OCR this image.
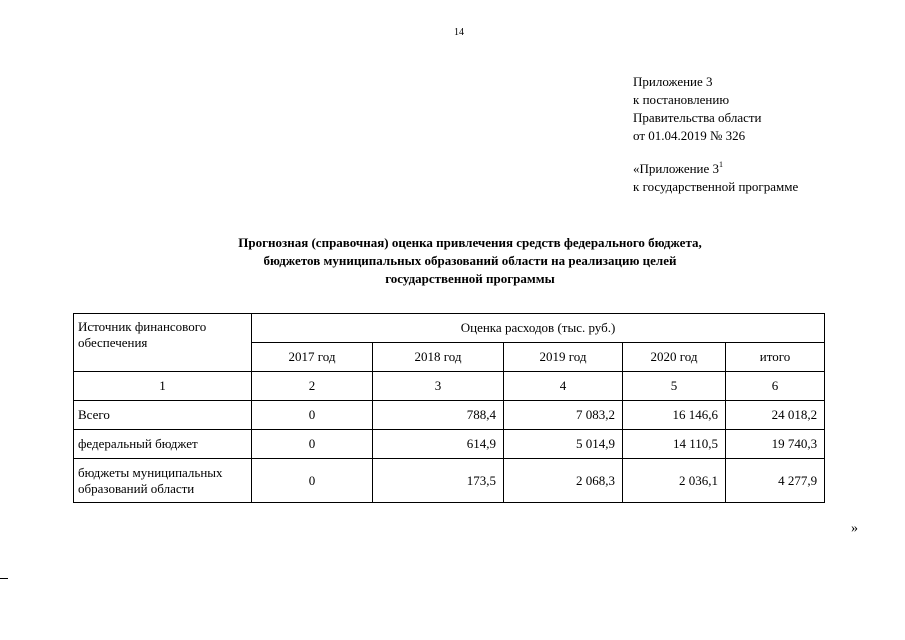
14
Приложение 3
к постановлению
Правительства области
от 01.04.2019 № 326
«Приложение $3^1$
к государственной программе
Прогнозная (справочная) оценка привлечения средств федерального бюджета,
бюджетов муниципальных образований области на реализацию целей
государственной программы
Источник финансового
обеспечения	Оценка расходов (тыс. руб.)				
	2017 год	2018 год	2019 год	2020 год	итого
1	2	3	4	5	6
Всего	0	788,4	7 083,2	16 146,6	24 018,2
федеральный бюджет	0	614,9	5 014,9	14 110,5	19 740,3

бюджеты муниципальных
образований области	0	173,5	2 068,3	2 036,1	4 277,9
»
